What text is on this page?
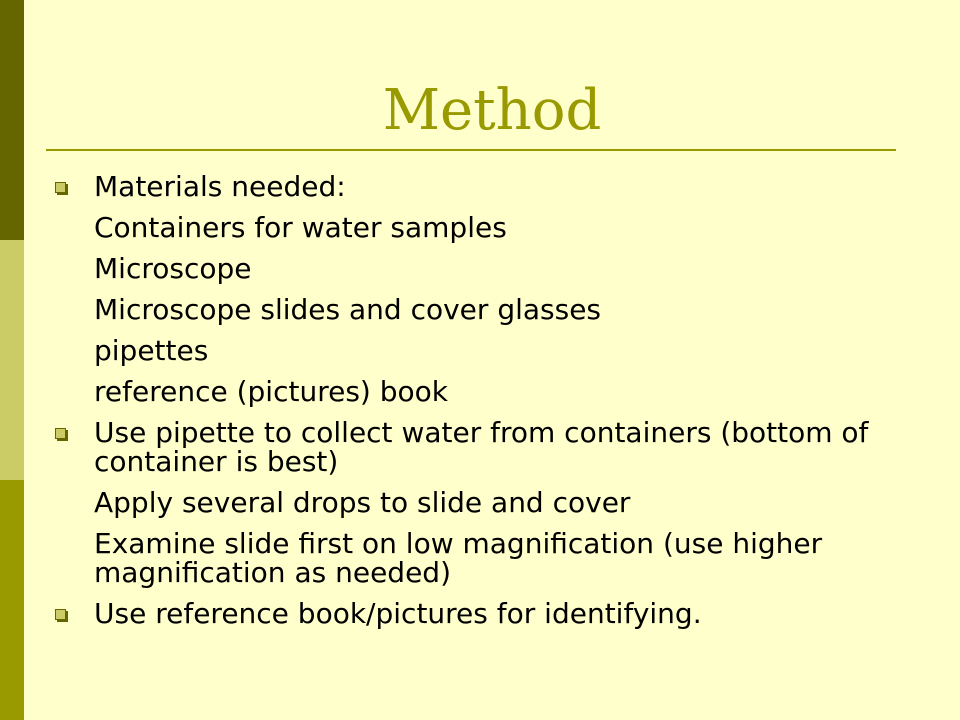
Method
Materials needed:
Containers for water samples
Microscope
Microscope slides and cover glasses
pipettes
reference (pictures) book
Use pipette to collect water from containers (bottom of container is best)
Apply several drops to slide and cover
Examine slide first on low magnification (use higher magnification as needed)
Use reference book/pictures for identifying.
